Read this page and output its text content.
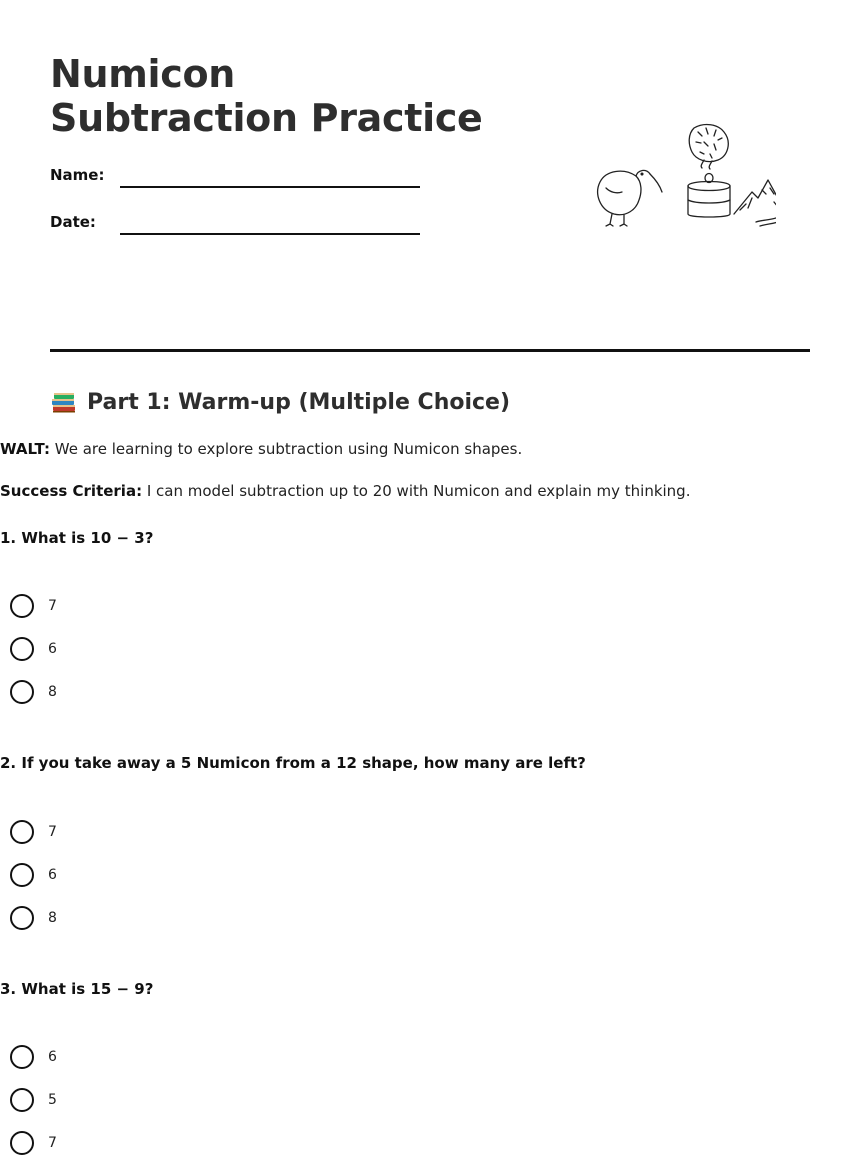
Numicon Subtraction Practice
Name:
Date:
Part 1: Warm-up (Multiple Choice)

WALT: We are learning to explore subtraction using Numicon shapes.

Success Criteria: I can model subtraction up to 20 with Numicon and explain my thinking.

1. What is 10 − 3?

7
6
8

2. If you take away a 5 Numicon from a 12 shape, how many are left?

7
6
8

3. What is 15 − 9?

6
5
7
